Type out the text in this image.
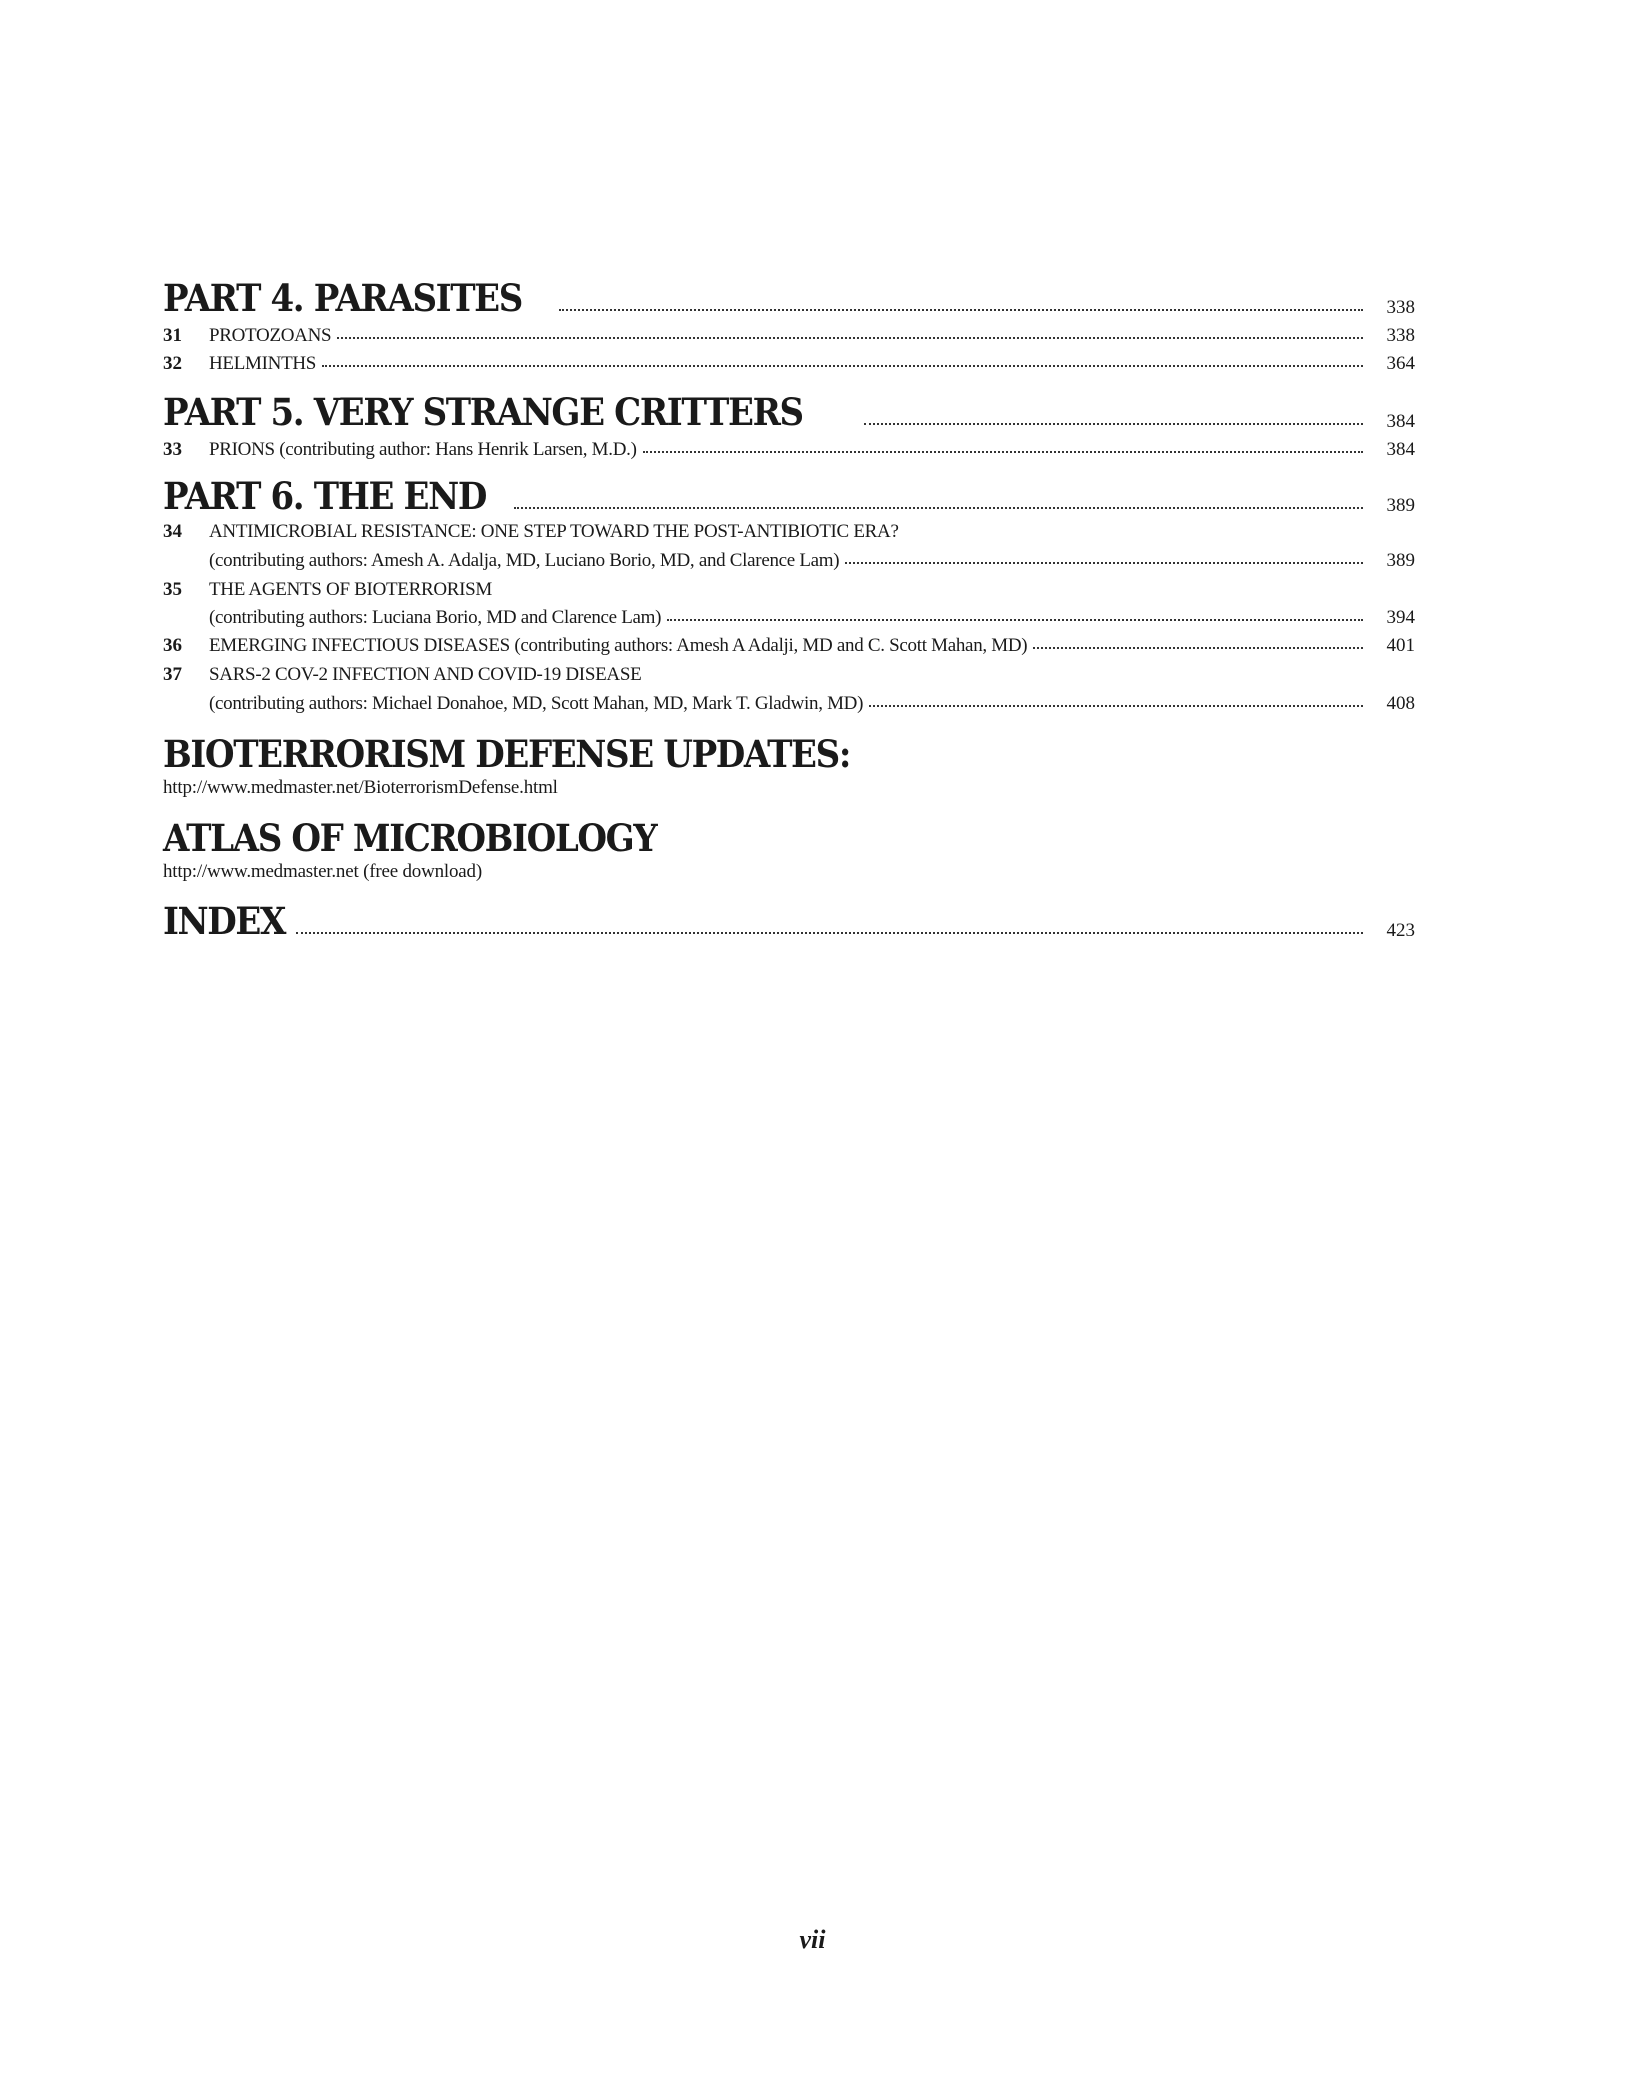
PART 4. PARASITES	338
31	PROTOZOANS	338
32	HELMINTHS	364
PART 5. VERY STRANGE CRITTERS	384
33	PRIONS (contributing author: Hans Henrik Larsen, M.D.)	384
PART 6. THE END	389
34	ANTIMICROBIAL RESISTANCE: ONE STEP TOWARD THE POST-ANTIBIOTIC ERA?
(contributing authors: Amesh A. Adalja, MD, Luciano Borio, MD, and Clarence Lam)	389
35	THE AGENTS OF BIOTERRORISM
(contributing authors: Luciana Borio, MD and Clarence Lam)	394
36	EMERGING INFECTIOUS DISEASES (contributing authors: Amesh A Adalji, MD and C. Scott Mahan, MD)	401
37	SARS-2 COV-2 INFECTION AND COVID-19 DISEASE
(contributing authors: Michael Donahoe, MD, Scott Mahan, MD, Mark T. Gladwin, MD)	408
BIOTERRORISM DEFENSE UPDATES:
http://www.medmaster.net/BioterrorismDefense.html
ATLAS OF MICROBIOLOGY
http://www.medmaster.net (free download)
INDEX	423
vii
